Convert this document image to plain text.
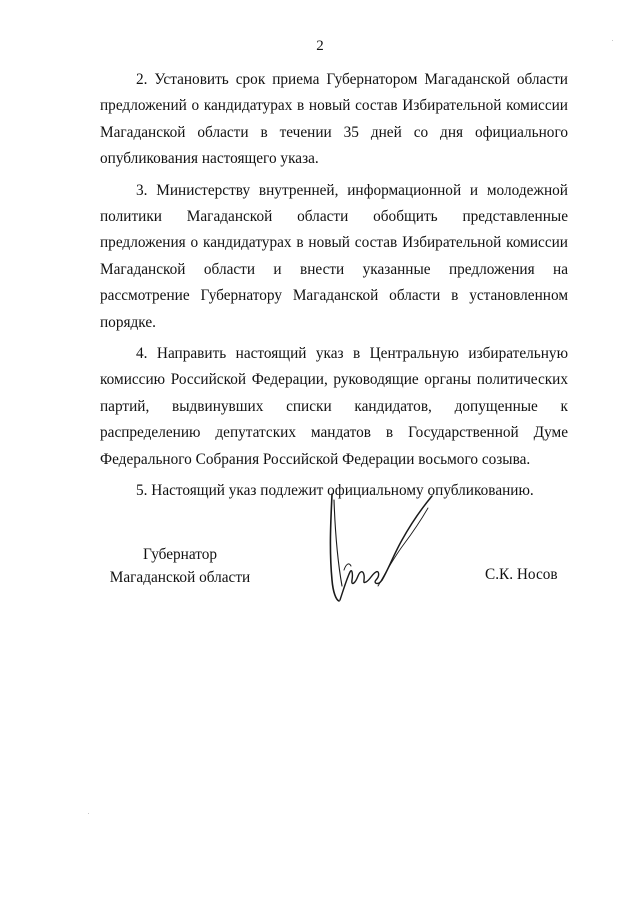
2

2. Установить срок приема Губернатором Магаданской области предложений о кандидатурах в новый состав Избирательной комиссии Магаданской области в течении 35 дней со дня официального опубликования настоящего указа.

3. Министерству внутренней, информационной и молодежной политики Магаданской области обобщить представленные предложения о кандидатурах в новый состав Избирательной комиссии Магаданской области и внести указанные предложения на рассмотрение Губернатору Магаданской области в установленном порядке.

4. Направить настоящий указ в Центральную избирательную комиссию Российской Федерации, руководящие органы политических партий, выдвинувших списки кандидатов, допущенные к распределению депутатских мандатов в Государственной Думе Федерального Собрания Российской Федерации восьмого созыва.

5. Настоящий указ подлежит официальному опубликованию.

Губернатор
Магаданской области	С.К. Носов
